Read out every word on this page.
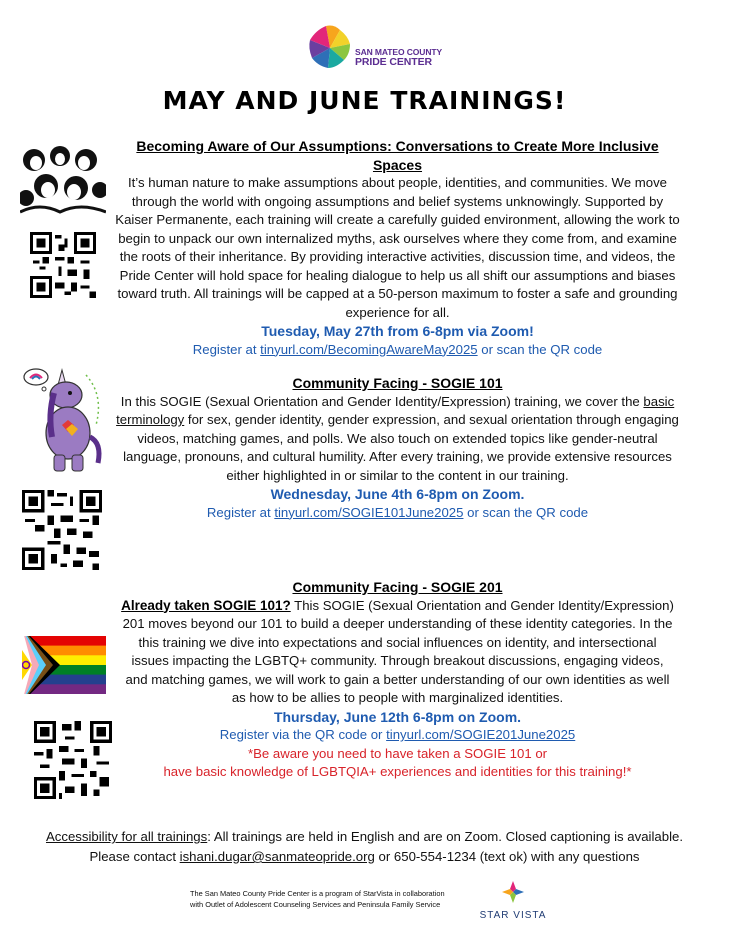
SAN MATEO COUNTY
PRIDE CENTER
MAY AND JUNE TRAININGS!
Becoming Aware of Our Assumptions: Conversations to Create More Inclusive Spaces
It’s human nature to make assumptions about people, identities, and communities. We move through the world with ongoing assumptions and belief systems unknowingly. Supported by Kaiser Permanente, each training will create a carefully guided environment, allowing the work to begin to unpack our own internalized myths, ask ourselves where they come from, and examine the roots of their inheritance. By providing interactive activities, discussion time, and videos, the Pride Center will hold space for healing dialogue to help us all shift our assumptions and biases toward truth. All trainings will be capped at a 50-person maximum to foster a safe and grounding experience for all.
Tuesday, May 27th from 6-8pm via Zoom!
Register at tinyurl.com/BecomingAwareMay2025 or scan the QR code
Community Facing - SOGIE 101
In this SOGIE (Sexual Orientation and Gender Identity/Expression) training, we cover the basic terminology for sex, gender identity, gender expression, and sexual orientation through engaging videos, matching games, and polls. We also touch on extended topics like gender-neutral language, pronouns, and cultural humility. After every training, we provide extensive resources either highlighted in or similar to the content in our training.
Wednesday, June 4th 6-8pm on Zoom.
Register at tinyurl.com/SOGIE101June2025 or scan the QR code
Community Facing - SOGIE 201
Already taken SOGIE 101? This SOGIE (Sexual Orientation and Gender Identity/Expression) 201 moves beyond our 101 to build a deeper understanding of these identity categories. In the this training we dive into expectations and social influences on identity, and intersectional issues impacting the LGBTQ+ community. Through breakout discussions, engaging videos, and matching games, we will work to gain a better understanding of our own identities as well as how to be allies to people with marginalized identities.
Thursday, June 12th 6-8pm on Zoom.
Register via the QR code or tinyurl.com/SOGIE201June2025
*Be aware you need to have taken a SOGIE 101 or
have basic knowledge of LGBTQIA+ experiences and identities for this training!*
Accessibility for all trainings: All trainings are held in English and are on Zoom. Closed captioning is available.
Please contact ishani.dugar@sanmateopride.org or 650-554-1234 (text ok) with any questions
The San Mateo County Pride Center is a program of StarVista in collaboration
with Outlet of Adolescent Counseling Services and Peninsula Family Service
STAR VISTA
